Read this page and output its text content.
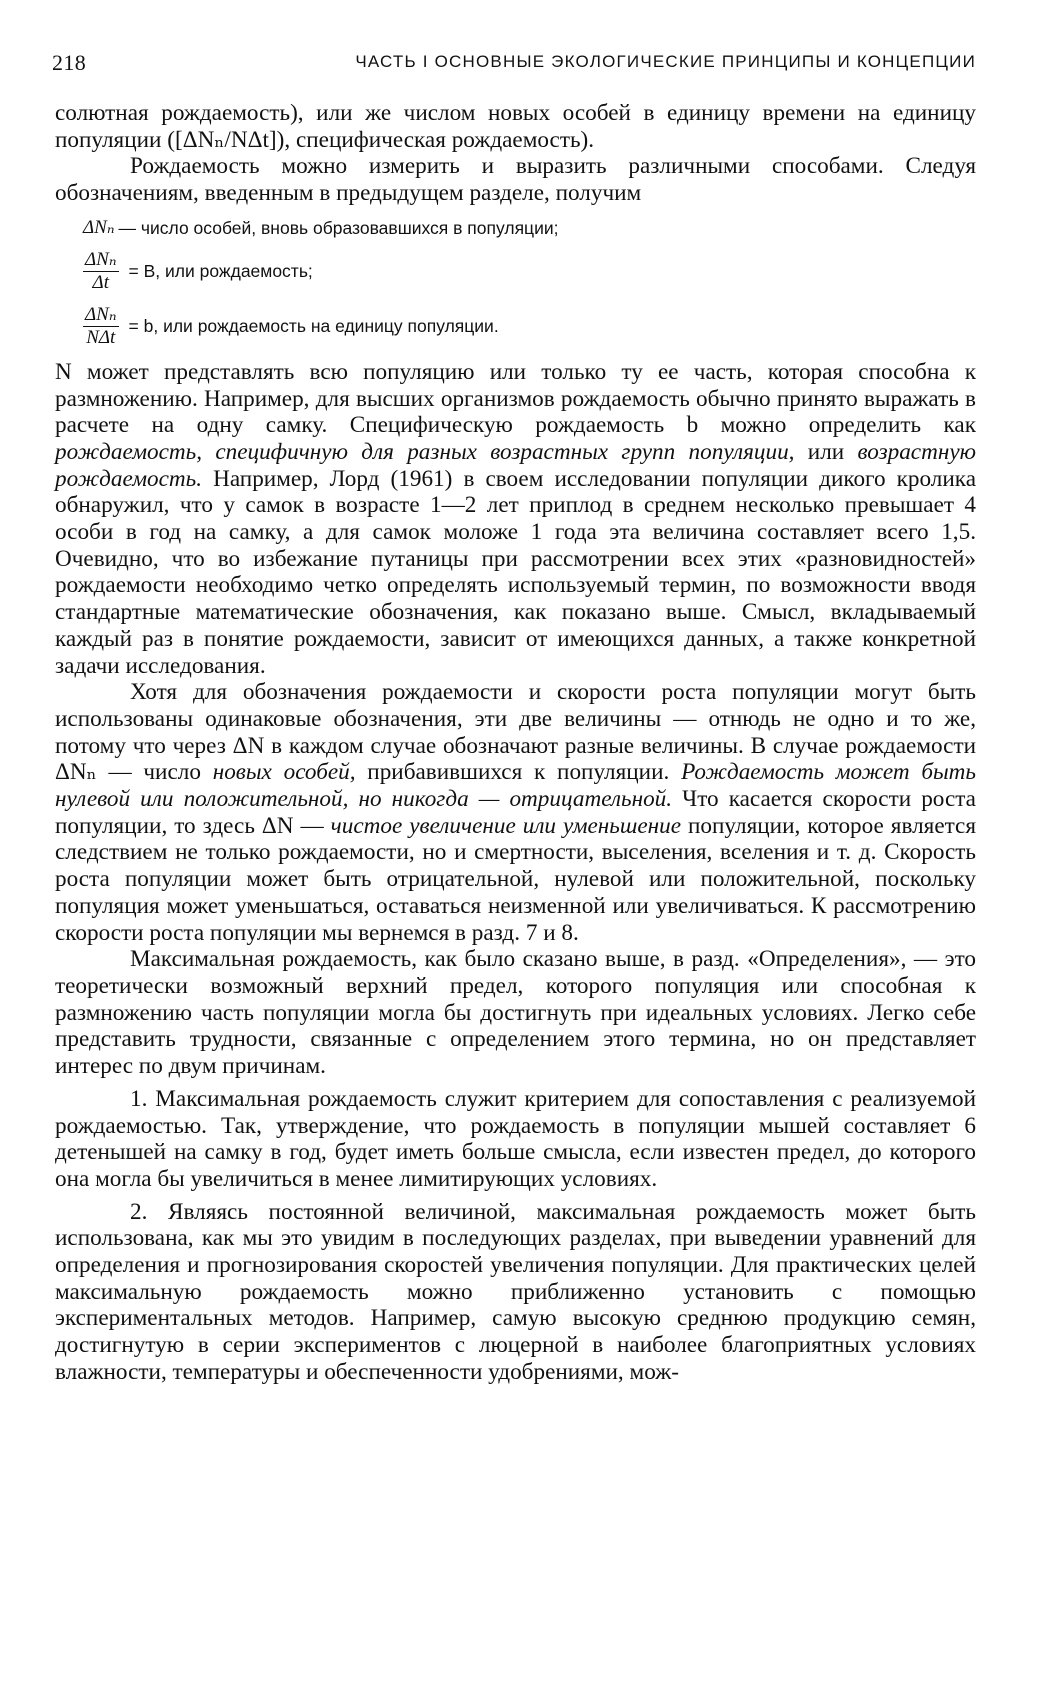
218	ЧАСТЬ I ОСНОВНЫЕ ЭКОЛОГИЧЕСКИЕ ПРИНЦИПЫ И КОНЦЕПЦИИ

солютная рождаемость), или же числом новых особей в единицу времени на единицу популяции ([ΔNₙ/NΔt]), специфическая рождаемость).

Рождаемость можно измерить и выразить различными способами. Следуя обозначениям, введенным в предыдущем разделе, получим

ΔNₙ — число особей, вновь образовавшихся в популяции;
$\frac{\text{ΔNₙ}}{\Delta t} = B$, или рождаемость;
$\frac{\text{ΔNₙ}}{\text{NΔt}} = b$, или рождаемость на единицу популяции.

N может представлять всю популяцию или только ту ее часть, которая способна к размножению. Например, для высших организмов рождаемость обычно принято выражать в расчете на одну самку. Специфическую рождаемость b можно определить как рождаемость, специфичную для разных возрастных групп популяции, или возрастную рождаемость. Например, Лорд (1961) в своем исследовании популяции дикого кролика обнаружил, что у самок в возрасте 1—2 лет приплод в среднем несколько превышает 4 особи в год на самку, а для самок моложе 1 года эта величина составляет всего 1,5. Очевидно, что во избежание путаницы при рассмотрении всех этих «разновидностей» рождаемости необходимо четко определять используемый термин, по возможности вводя стандартные математические обозначения, как показано выше. Смысл, вкладываемый каждый раз в понятие рождаемости, зависит от имеющихся данных, а также конкретной задачи исследования.

Хотя для обозначения рождаемости и скорости роста популяции могут быть использованы одинаковые обозначения, эти две величины — отнюдь не одно и то же, потому что через ΔN в каждом случае обозначают разные величины. В случае рождаемости ΔNₙ — число новых особей, прибавившихся к популяции. Рождаемость может быть нулевой или положительной, но никогда — отрицательной. Что касается скорости роста популяции, то здесь ΔN — чистое увеличение или уменьшение популяции, которое является следствием не только рождаемости, но и смертности, выселения, вселения и т. д. Скорость роста популяции может быть отрицательной, нулевой или положительной, поскольку популяция может уменьшаться, оставаться неизменной или увеличиваться. К рассмотрению скорости роста популяции мы вернемся в разд. 7 и 8.

Максимальная рождаемость, как было сказано выше, в разд. «Определения», — это теоретически возможный верхний предел, которого популяция или способная к размножению часть популяции могла бы достигнуть при идеальных условиях. Легко себе представить трудности, связанные с определением этого термина, но он представляет интерес по двум причинам.

1. Максимальная рождаемость служит критерием для сопоставления с реализуемой рождаемостью. Так, утверждение, что рождаемость в популяции мышей составляет 6 детенышей на самку в год, будет иметь больше смысла, если известен предел, до которого она могла бы увеличиться в менее лимитирующих условиях.

2. Являясь постоянной величиной, максимальная рождаемость может быть использована, как мы это увидим в последующих разделах, при выведении уравнений для определения и прогнозирования скоростей увеличения популяции. Для практических целей максимальную рождаемость можно приближенно установить с помощью экспериментальных методов. Например, самую высокую среднюю продукцию семян, достигнутую в серии экспериментов с люцерной в наиболее благоприятных условиях влажности, температуры и обеспеченности удобрениями, мож-
